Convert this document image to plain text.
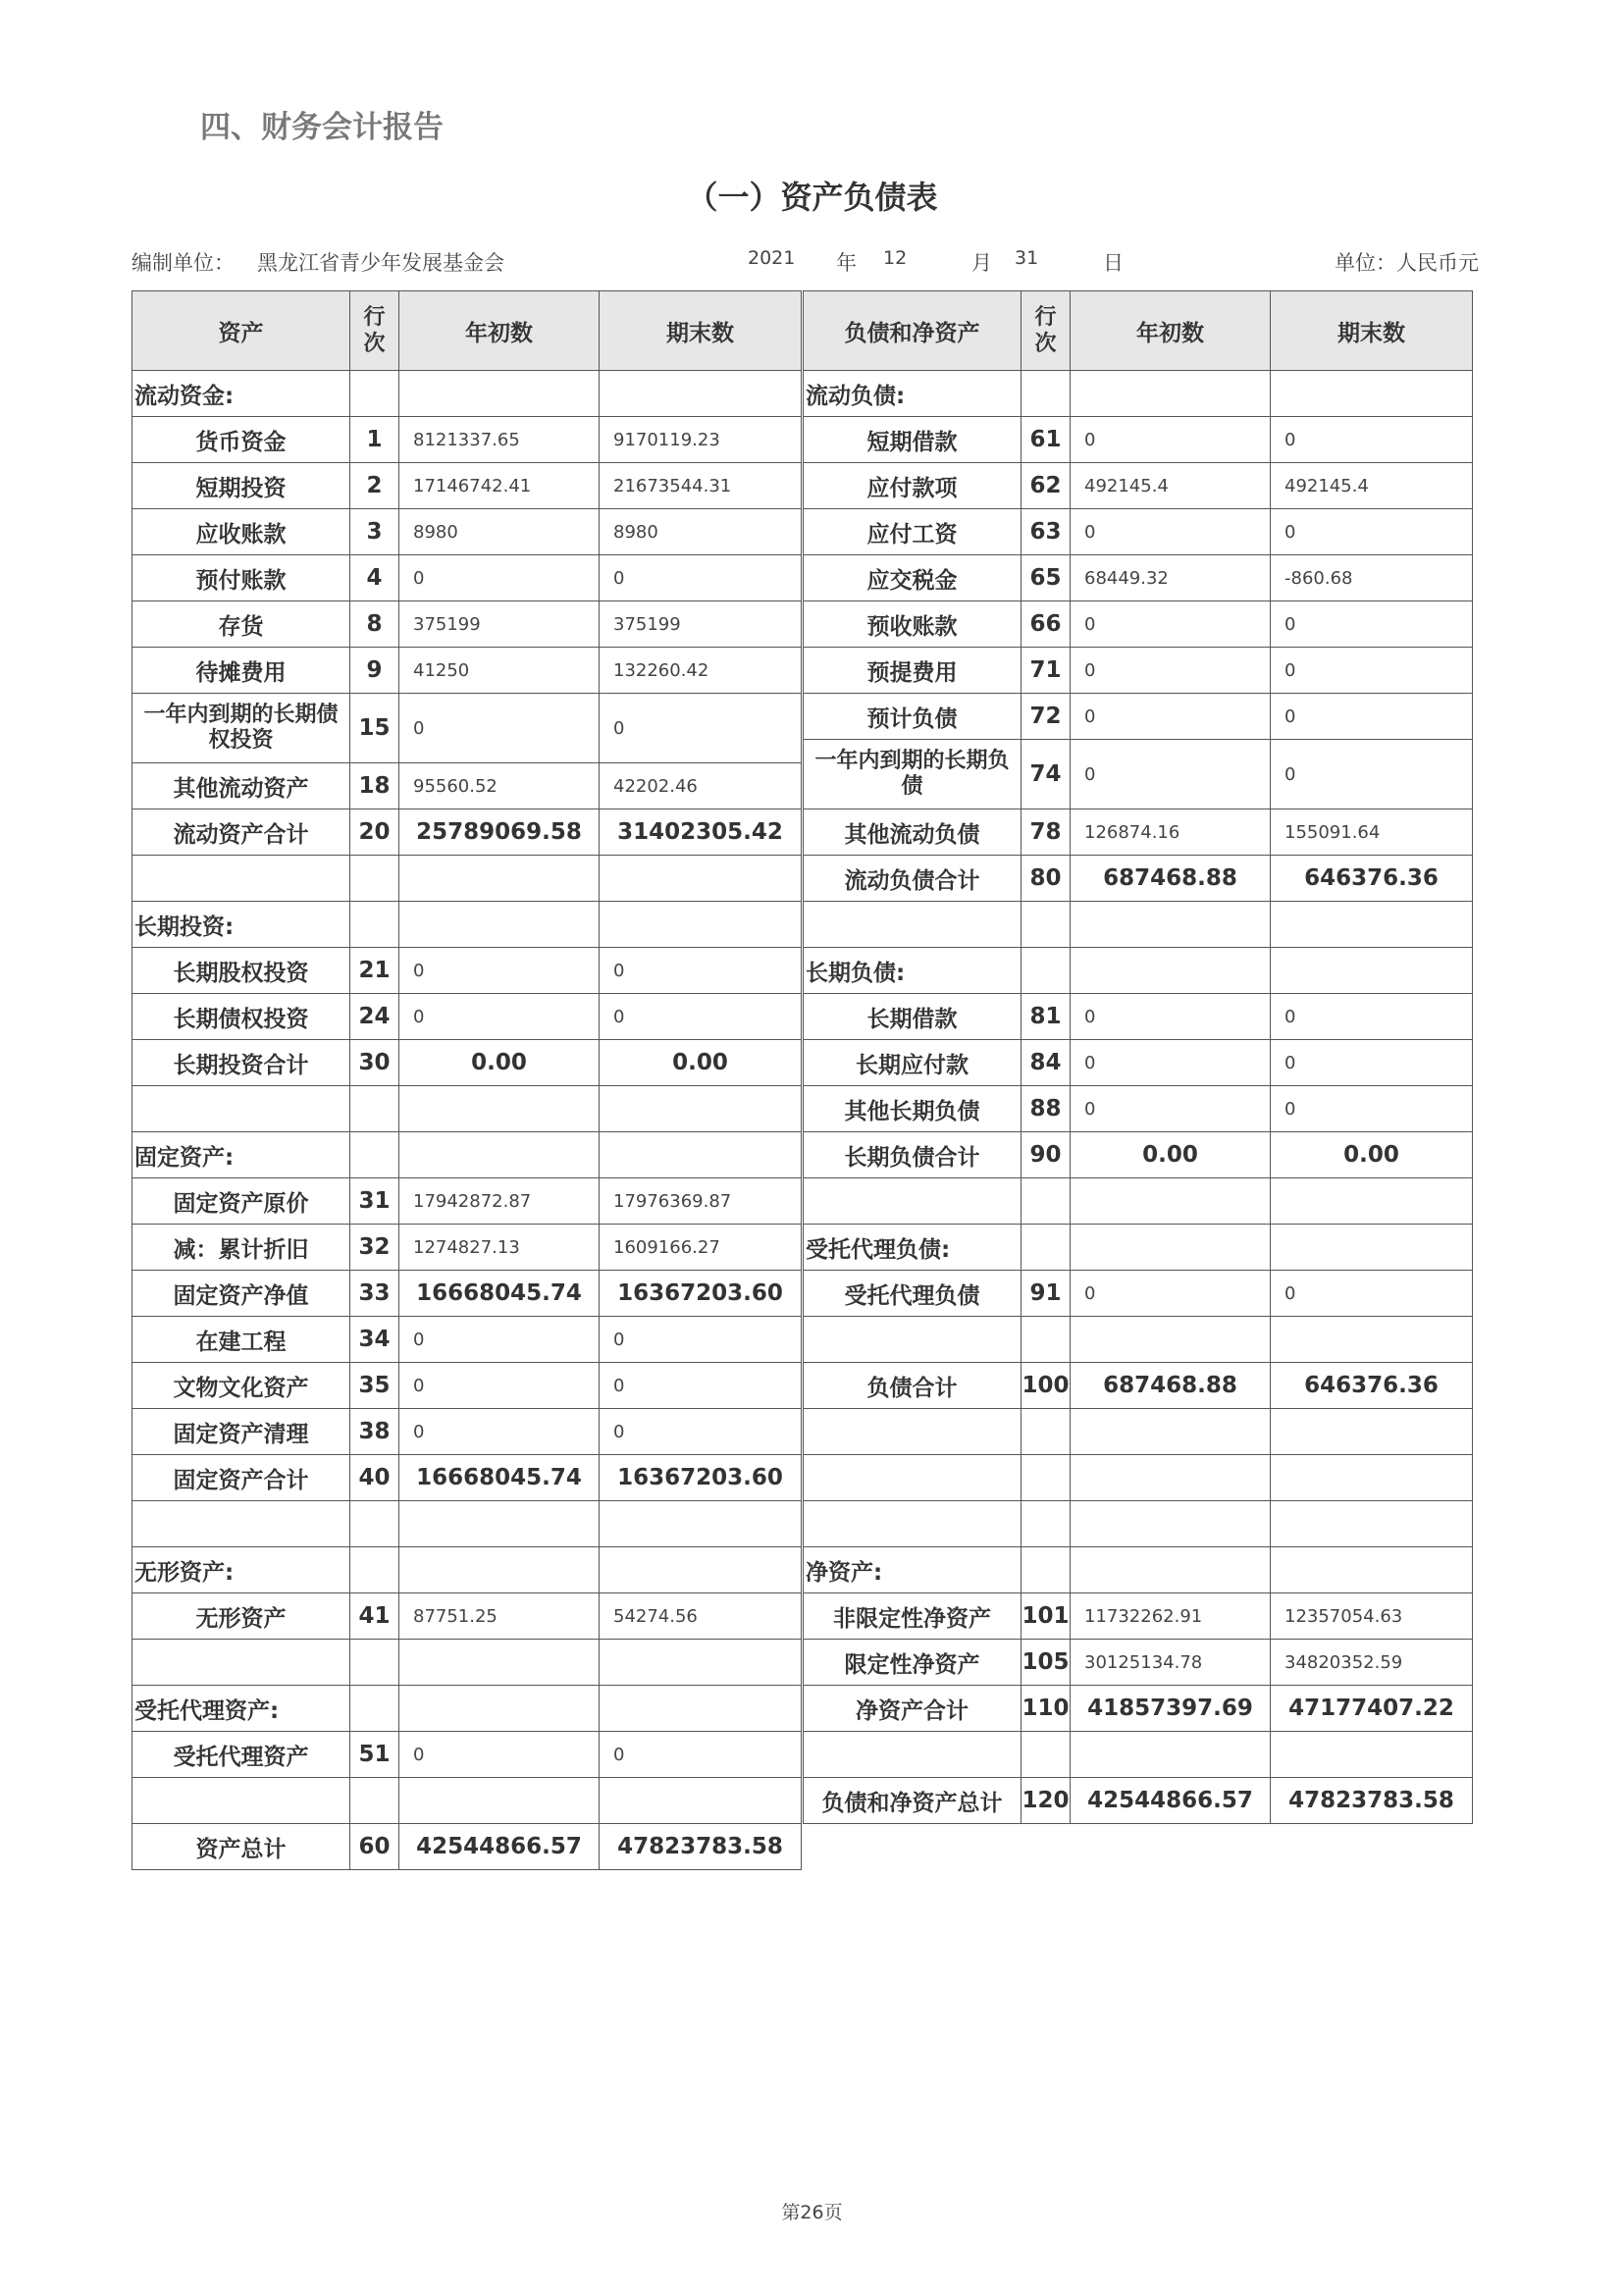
四、财务会计报告
（一）资产负债表
编制单位： 黑龙江省青少年发展基金会	2021 年 12	月 31	日	单位：人民币元
资产	行次	年初数	期末数
流动资金:			
货币资金	1	8121337.65	9170119.23
短期投资	2	17146742.41	21673544.31
应收账款	3	8980	8980
预付账款	4	0	0
存货	8	375199	375199
待摊费用	9	41250	132260.42
一年内到期的长期债权投资	15	0	0
其他流动资产	18	95560.52	42202.46
流动资产合计	20	25789069.58	31402305.42

长期投资:			
长期股权投资	21	0	0
长期债权投资	24	0	0
长期投资合计	30	0.00	0.00

固定资产:			
固定资产原价	31	17942872.87	17976369.87
减：累计折旧	32	1274827.13	1609166.27
固定资产净值	33	16668045.74	16367203.60
在建工程	34	0	0
文物文化资产	35	0	0
固定资产清理	38	0	0
固定资产合计	40	16668045.74	16367203.60

无形资产:			
无形资产	41	87751.25	54274.56

受托代理资产:			
受托代理资产	51	0	0

资产总计	60	42544866.57	47823783.58
负债和净资产	行次	年初数	期末数
流动负债:			
短期借款	61	0	0
应付款项	62	492145.4	492145.4
应付工资	63	0	0
应交税金	65	68449.32	-860.68
预收账款	66	0	0
预提费用	71	0	0
预计负债	72	0	0
一年内到期的长期负债	74	0	0
其他流动负债	78	126874.16	155091.64
流动负债合计	80	687468.88	646376.36

长期负债:			
长期借款	81	0	0
长期应付款	84	0	0
其他长期负债	88	0	0
长期负债合计	90	0.00	0.00

受托代理负债:			
受托代理负债	91	0	0

负债合计	100	687468.88	646376.36

净资产:			
非限定性净资产	101	11732262.91	12357054.63
限定性净资产	105	30125134.78	34820352.59
净资产合计	110	41857397.69	47177407.22

负债和净资产总计	120	42544866.57	47823783.58
第26页
